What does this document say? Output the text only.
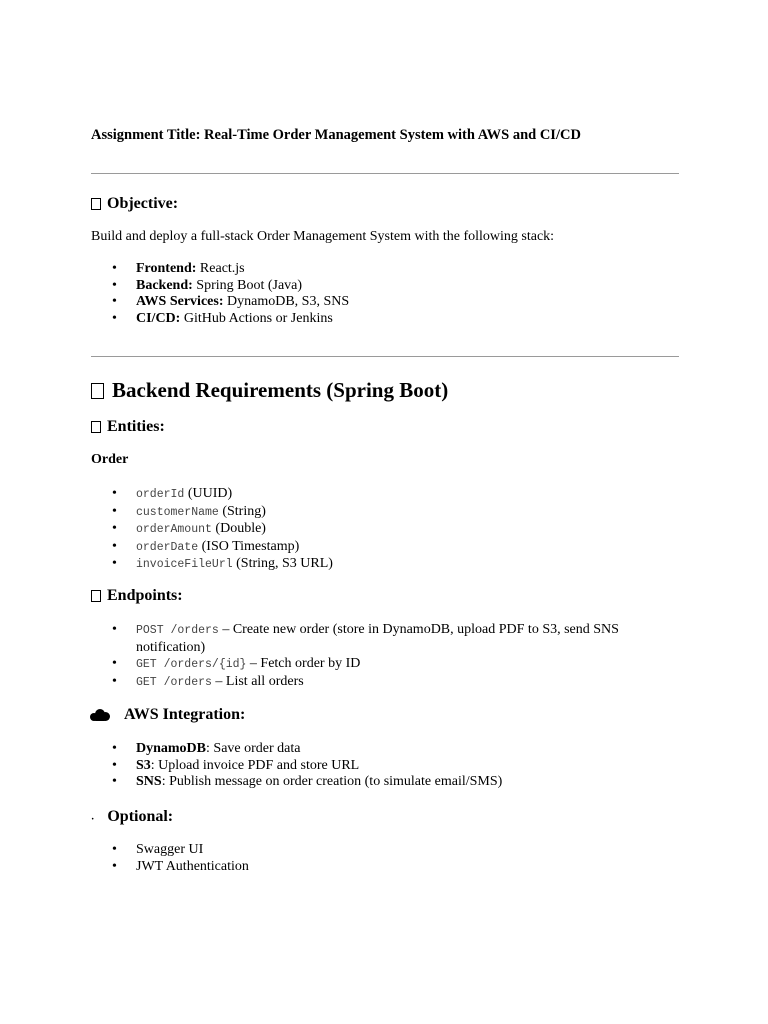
Assignment Title: Real-Time Order Management System with AWS and CI/CD

Objective:

Build and deploy a full-stack Order Management System with the following stack:

• Frontend: React.js
• Backend: Spring Boot (Java)
• AWS Services: DynamoDB, S3, SNS
• CI/CD: GitHub Actions or Jenkins
Backend Requirements (Spring Boot)
Entities:

Order

• orderId (UUID)
• customerName (String)
• orderAmount (Double)
• orderDate (ISO Timestamp)
• invoiceFileUrl (String, S3 URL)
Endpoints:
• POST /orders – Create new order (store in DynamoDB, upload PDF to S3, send SNS notification)
• GET /orders/{id} – Fetch order by ID
• GET /orders – List all orders
AWS Integration:
• DynamoDB: Save order data
• S3: Upload invoice PDF and store URL
• SNS: Publish message on order creation (to simulate email/SMS)
· Optional:
• Swagger UI
• JWT Authentication
